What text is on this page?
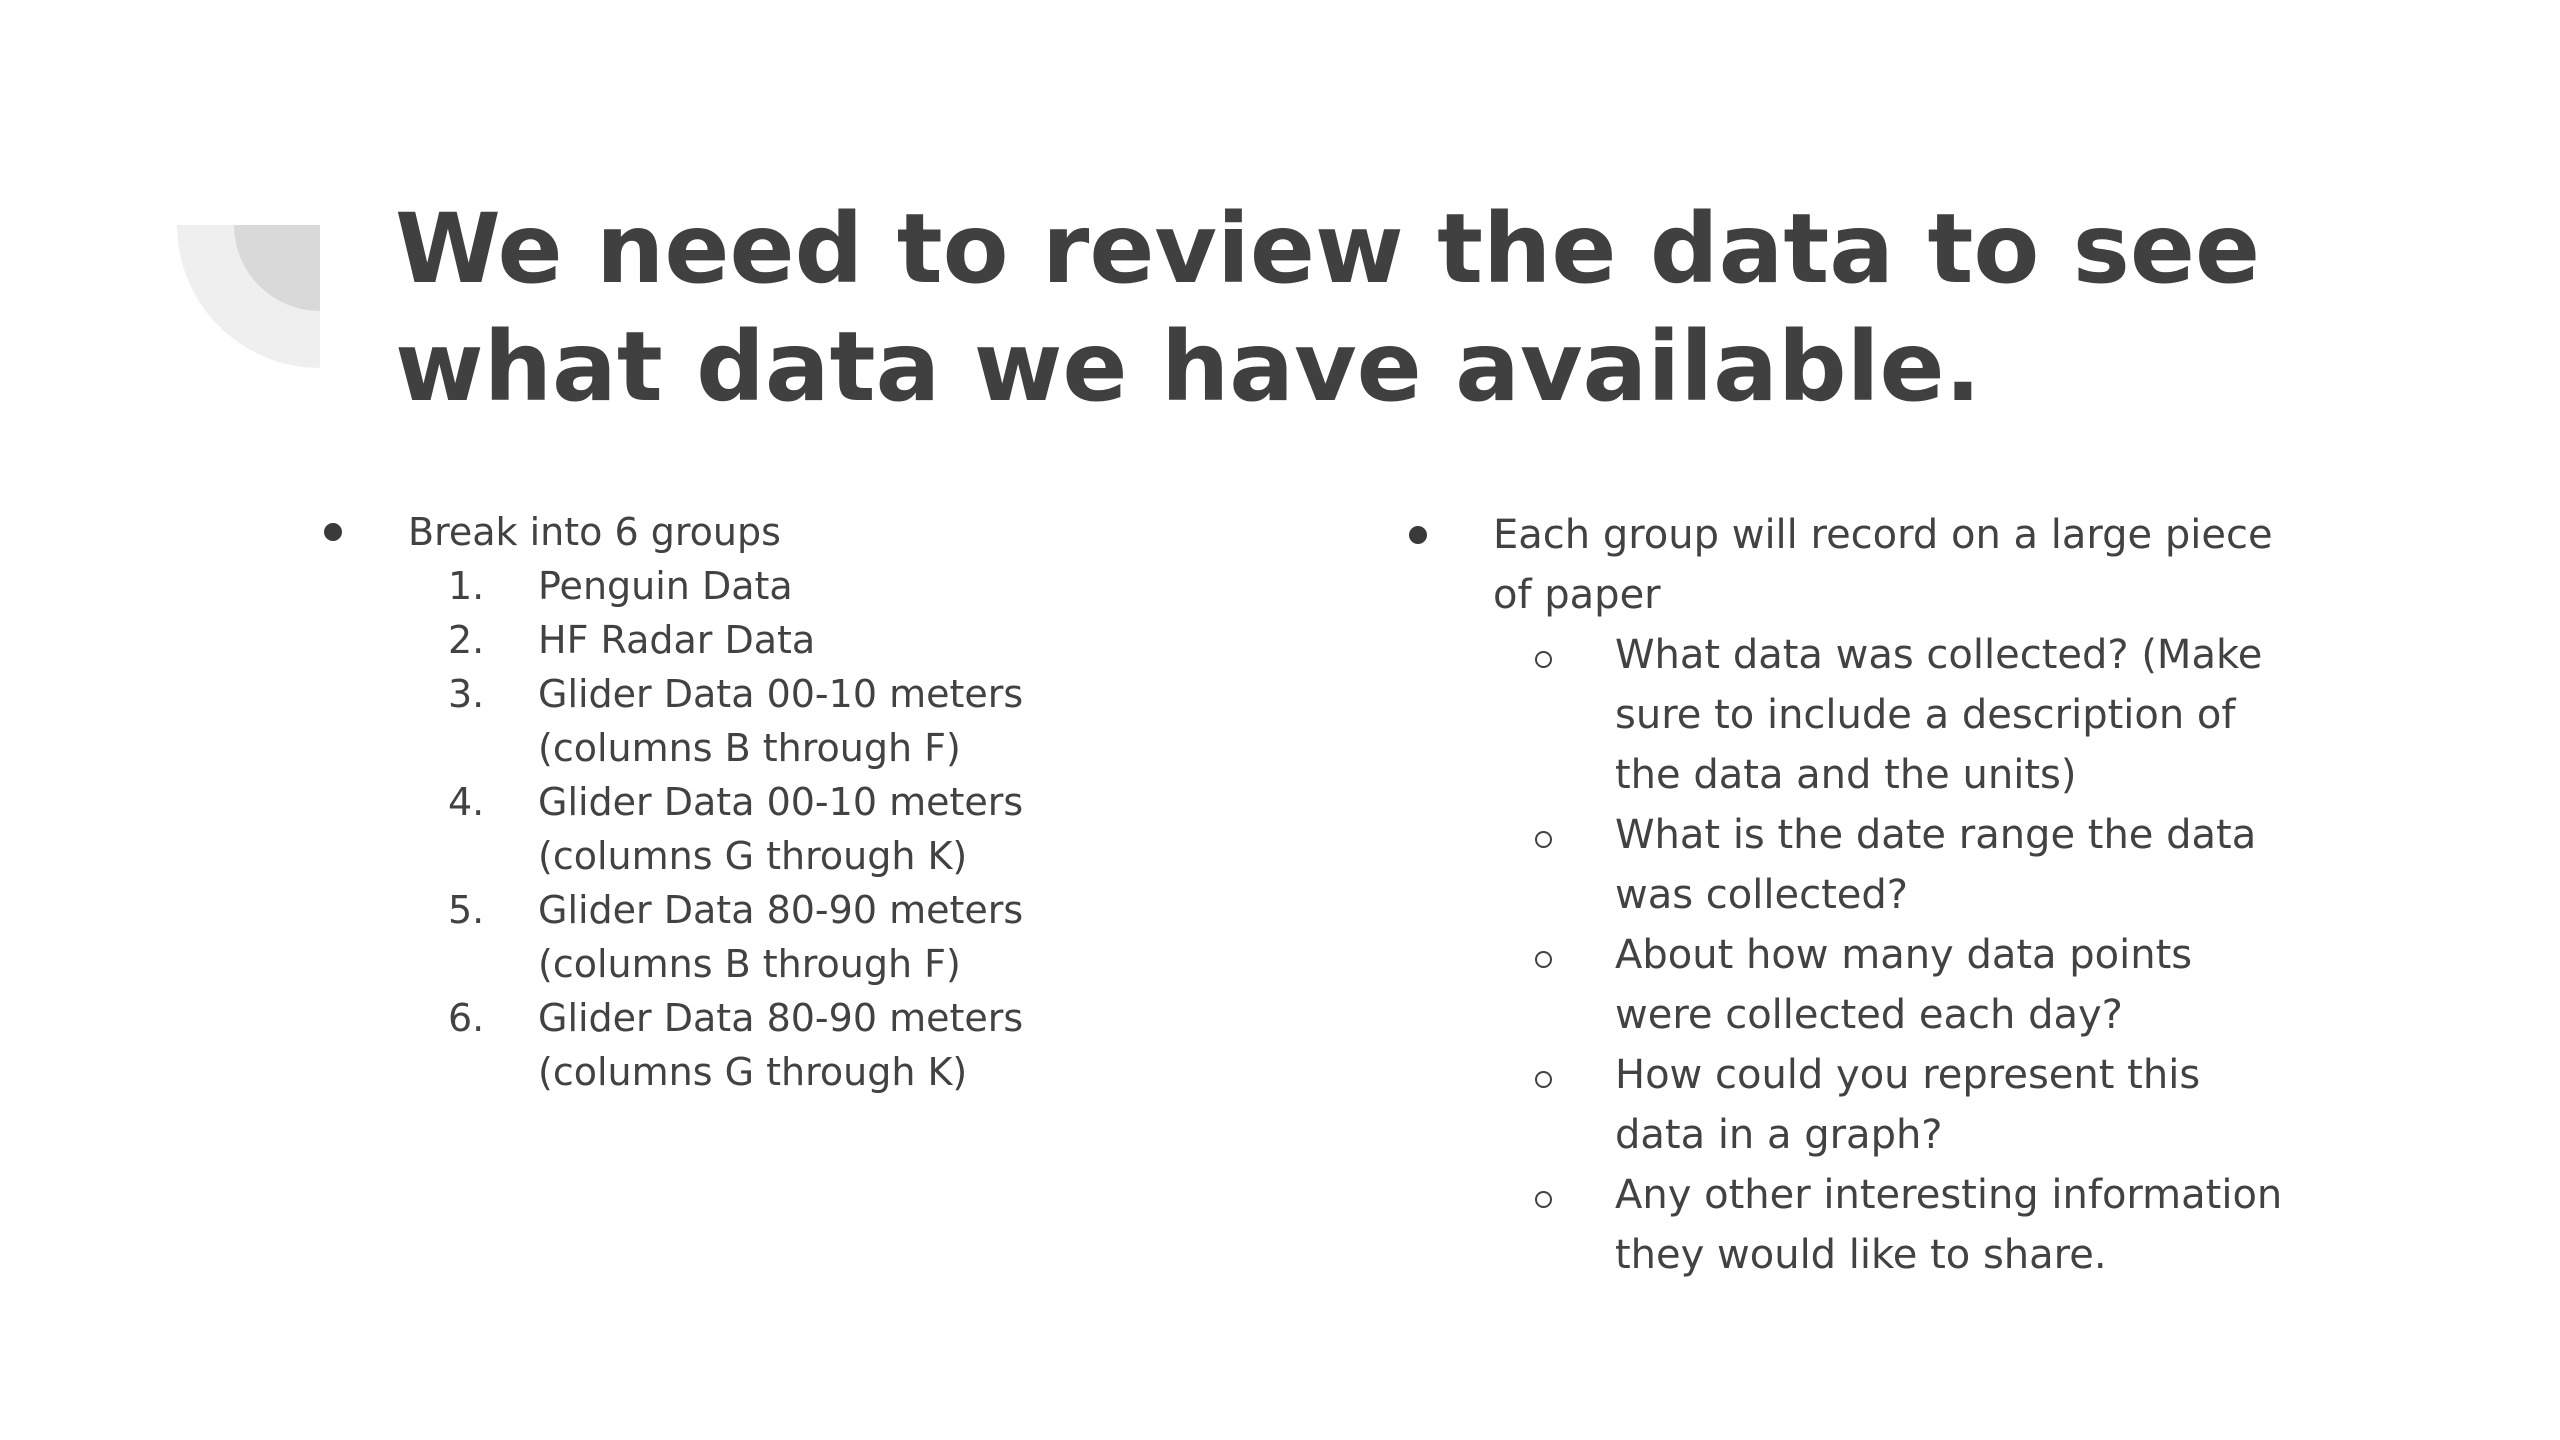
We need to review the data to see what data we have available.
Break into 6 groups
1.	Penguin Data
2.	HF Radar Data
3.	Glider Data 00-10 meters (columns B through F)
4.	Glider Data 00-10 meters (columns G through K)
5.	Glider Data 80-90 meters (columns B through F)
6.	Glider Data 80-90 meters (columns G through K)
Each group will record on a large piece of paper
What data was collected? (Make sure to include a description of the data and the units)
What is the date range the data was collected?
About how many data points were collected each day?
How could you represent this data in a graph?
Any other interesting information they would like to share.
